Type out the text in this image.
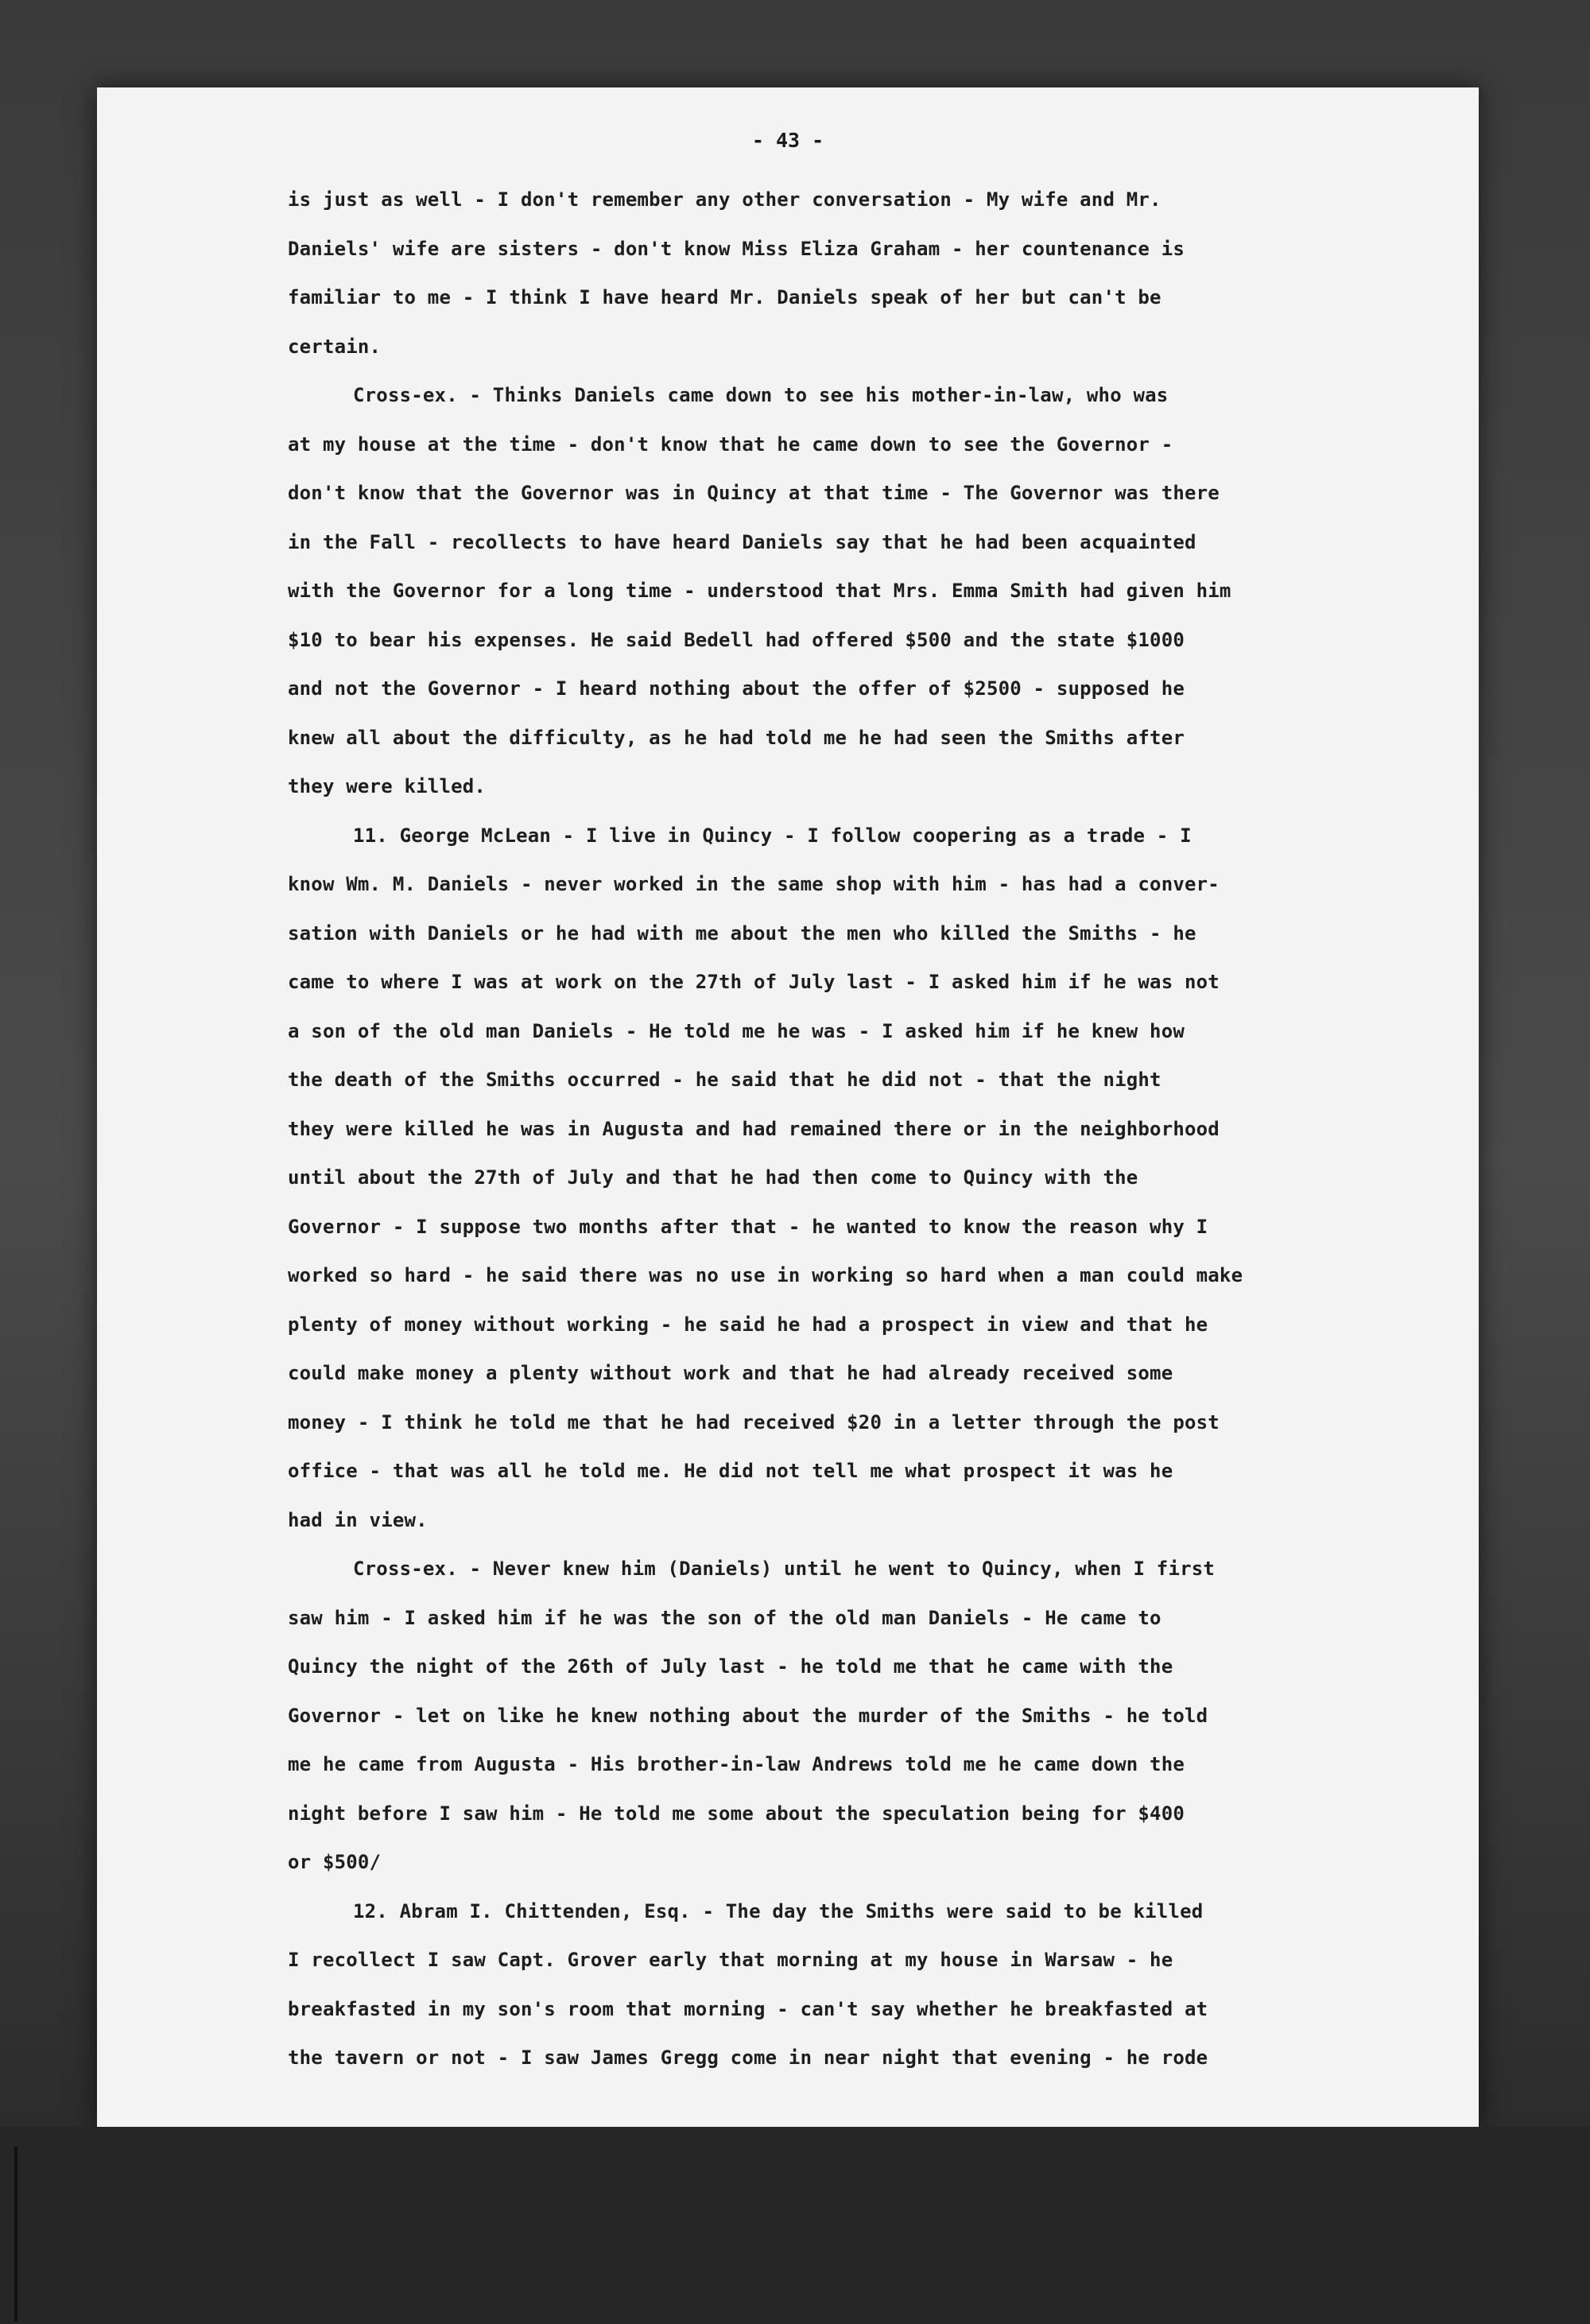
- 43 -
is just as well - I don't remember any other conversation - My wife and Mr.
Daniels' wife are sisters - don't know Miss Eliza Graham - her countenance is
familiar to me - I think I have heard Mr. Daniels speak of her but can't be
certain.
Cross-ex. - Thinks Daniels came down to see his mother-in-law, who was
at my house at the time - don't know that he came down to see the Governor -
don't know that the Governor was in Quincy at that time - The Governor was there
in the Fall - recollects to have heard Daniels say that he had been acquainted
with the Governor for a long time - understood that Mrs. Emma Smith had given him
$10 to bear his expenses. He said Bedell had offered $500 and the state $1000
and not the Governor - I heard nothing about the offer of $2500 - supposed he
knew all about the difficulty, as he had told me he had seen the Smiths after
they were killed.
11. George McLean - I live in Quincy - I follow coopering as a trade - I
know Wm. M. Daniels - never worked in the same shop with him - has had a conver-
sation with Daniels or he had with me about the men who killed the Smiths - he
came to where I was at work on the 27th of July last - I asked him if he was not
a son of the old man Daniels - He told me he was - I asked him if he knew how
the death of the Smiths occurred - he said that he did not - that the night
they were killed he was in Augusta and had remained there or in the neighborhood
until about the 27th of July and that he had then come to Quincy with the
Governor - I suppose two months after that - he wanted to know the reason why I
worked so hard - he said there was no use in working so hard when a man could make
plenty of money without working - he said he had a prospect in view and that he
could make money a plenty without work and that he had already received some
money - I think he told me that he had received $20 in a letter through the post
office - that was all he told me. He did not tell me what prospect it was he
had in view.
Cross-ex. - Never knew him (Daniels) until he went to Quincy, when I first
saw him - I asked him if he was the son of the old man Daniels - He came to
Quincy the night of the 26th of July last - he told me that he came with the
Governor - let on like he knew nothing about the murder of the Smiths - he told
me he came from Augusta - His brother-in-law Andrews told me he came down the
night before I saw him - He told me some about the speculation being for $400
or $500/
12. Abram I. Chittenden, Esq. - The day the Smiths were said to be killed
I recollect I saw Capt. Grover early that morning at my house in Warsaw - he
breakfasted in my son's room that morning - can't say whether he breakfasted at
the tavern or not - I saw James Gregg come in near night that evening - he rode
